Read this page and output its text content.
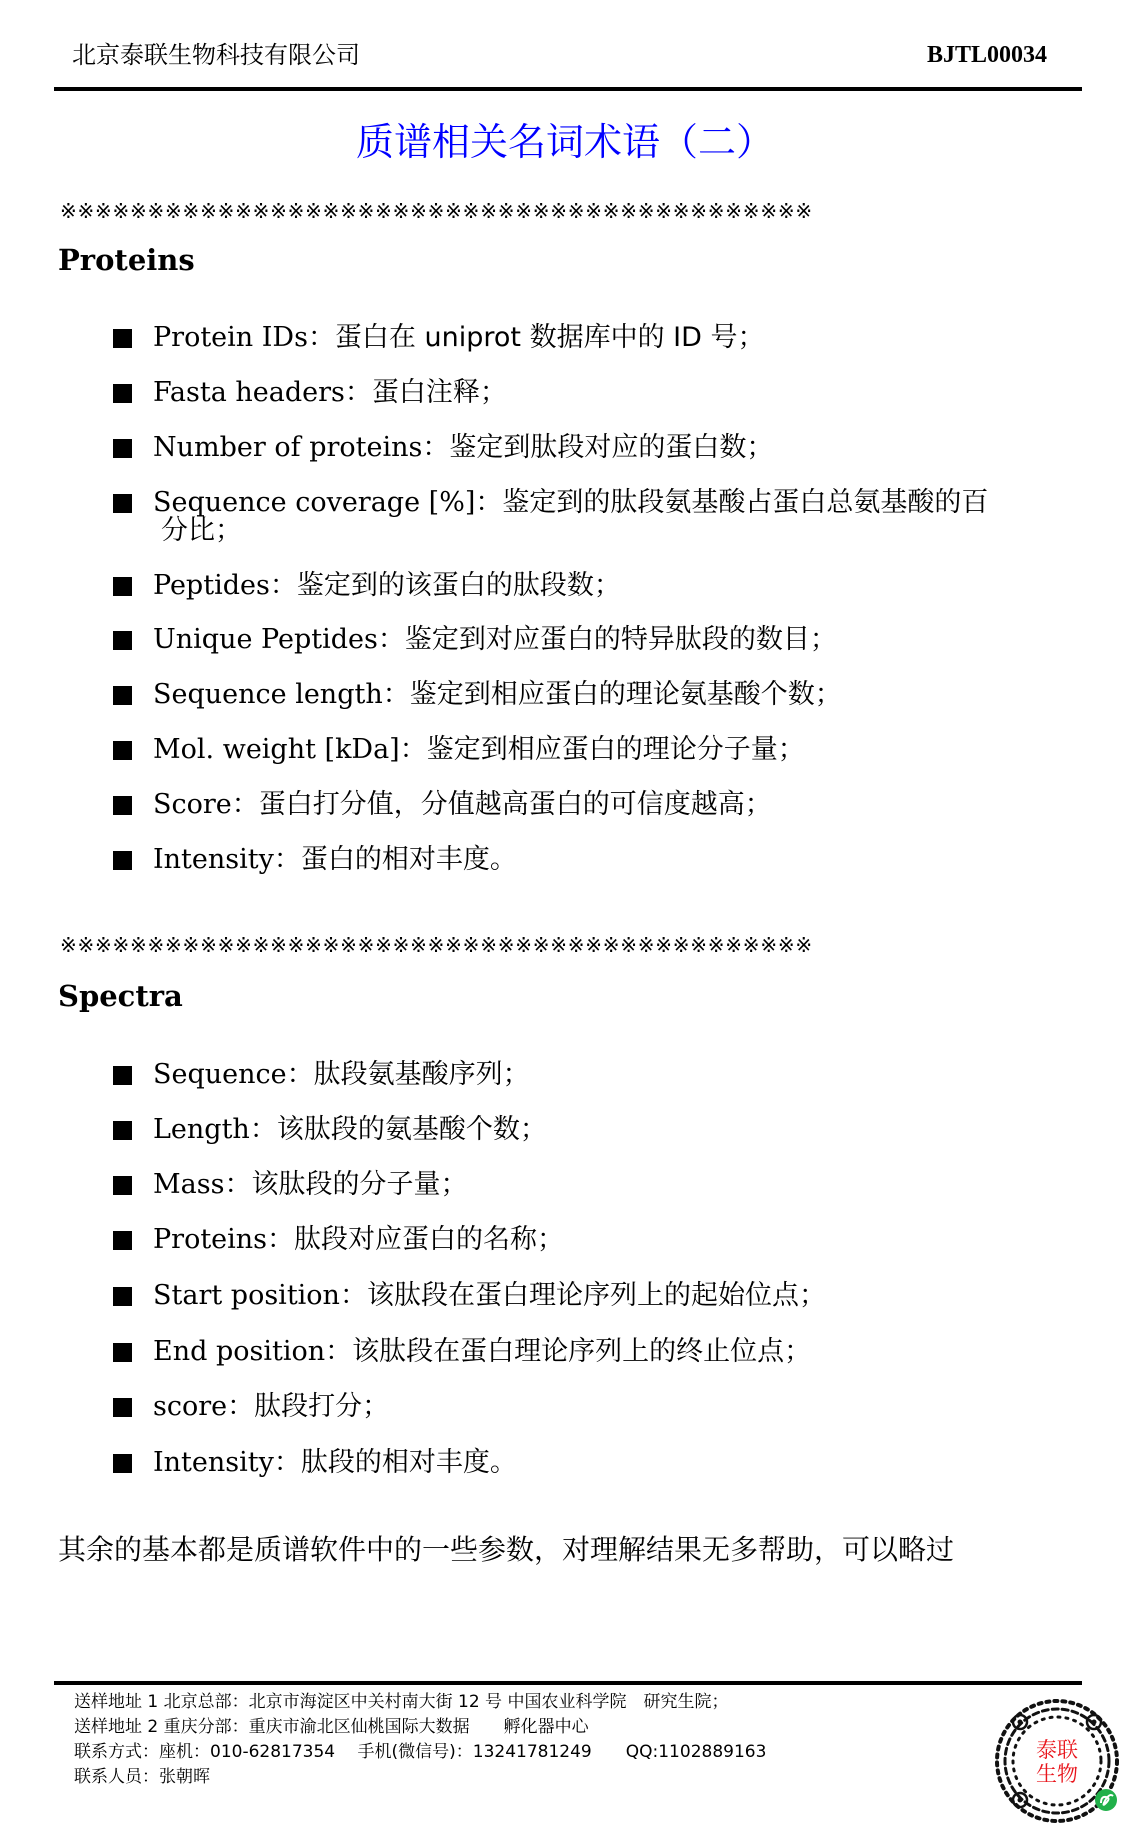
北京泰联生物科技有限公司	BJTL00034
质谱相关名词术语（二）
※※※※※※※※※※※※※※※※※※※※※※※※※※※※※※※※※※※※※※※※※※※
Proteins
Protein IDs：蛋白在 uniprot 数据库中的 ID 号；
Fasta headers：蛋白注释；
Number of proteins：鉴定到肽段对应的蛋白数；
Sequence coverage [%]：鉴定到的肽段氨基酸占蛋白总氨基酸的百
分比；
Peptides：鉴定到的该蛋白的肽段数；
Unique Peptides：鉴定到对应蛋白的特异肽段的数目；
Sequence length：鉴定到相应蛋白的理论氨基酸个数；
Mol. weight [kDa]：鉴定到相应蛋白的理论分子量；
Score：蛋白打分值，分值越高蛋白的可信度越高；
Intensity：蛋白的相对丰度。
※※※※※※※※※※※※※※※※※※※※※※※※※※※※※※※※※※※※※※※※※※※
Spectra
Sequence：肽段氨基酸序列；
Length：该肽段的氨基酸个数；
Mass：该肽段的分子量；
Proteins：肽段对应蛋白的名称；
Start position：该肽段在蛋白理论序列上的起始位点；
End position：该肽段在蛋白理论序列上的终止位点；
score：肽段打分；
Intensity：肽段的相对丰度。
其余的基本都是质谱软件中的一些参数，对理解结果无多帮助，可以略过
送样地址 1 北京总部：北京市海淀区中关村南大街 12 号 中国农业科学院　研究生院；
送样地址 2 重庆分部：重庆市渝北区仙桃国际大数据　　孵化器中心
联系方式：座机：010-62817354　 手机(微信号)：13241781249　　QQ:1102889163
联系人员：张朝晖
泰联
生物
